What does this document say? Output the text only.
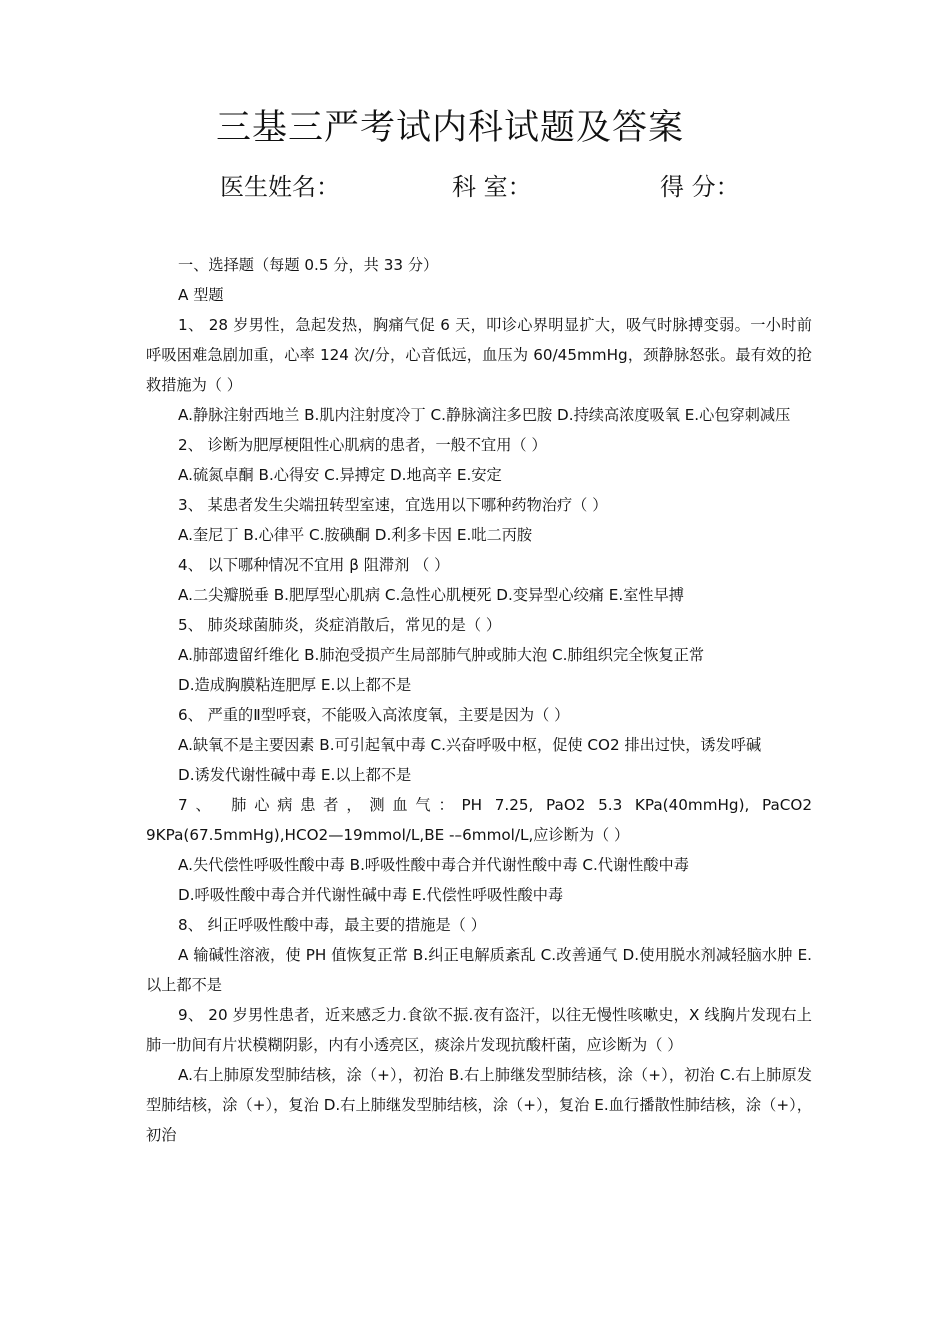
三基三严考试内科试题及答案
医生姓名：	科 室：	得 分：

一、选择题（每题 0.5 分，共 33 分）

A 型题

1、 28 岁男性，急起发热，胸痛气促 6 天，叩诊心界明显扩大，吸气时脉搏变弱。一小时前呼吸困难急剧加重，心率 124 次/分，心音低远，血压为 60/45mmHg，颈静脉怒张。最有效的抢救措施为（ ）

A.静脉注射西地兰 B.肌内注射度冷丁 C.静脉滴注多巴胺 D.持续高浓度吸氧 E.心包穿刺减压

2、 诊断为肥厚梗阻性心肌病的患者，一般不宜用（ ）

A.硫氮卓酮 B.心得安 C.异搏定 D.地高辛 E.安定

3、 某患者发生尖端扭转型室速，宜选用以下哪种药物治疗（ ）

A.奎尼丁 B.心律平 C.胺碘酮 D.利多卡因 E.吡二丙胺

4、 以下哪种情况不宜用 β 阻滞剂 （ ）

A.二尖瓣脱垂 B.肥厚型心肌病 C.急性心肌梗死 D.变异型心绞痛 E.室性早搏

5、 肺炎球菌肺炎，炎症消散后，常见的是（ ）

A.肺部遗留纤维化 B.肺泡受损产生局部肺气肿或肺大泡 C.肺组织完全恢复正常

D.造成胸膜粘连肥厚 E.以上都不是

6、 严重的Ⅱ型呼衰，不能吸入高浓度氧，主要是因为（ ）

A.缺氧不是主要因素 B.可引起氧中毒 C.兴奋呼吸中枢，促使 CO2 排出过快，诱发呼碱

D.诱发代谢性碱中毒 E.以上都不是

7、 肺心病患者，测血气：PH 7.25, PaO2 5.3 KPa(40mmHg), PaCO2 9KPa(67.5mmHg),HCO2—19mmol/L,BE -–6mmol/L,应诊断为（ ）

A.失代偿性呼吸性酸中毒 B.呼吸性酸中毒合并代谢性酸中毒 C.代谢性酸中毒

D.呼吸性酸中毒合并代谢性碱中毒 E.代偿性呼吸性酸中毒

8、 纠正呼吸性酸中毒，最主要的措施是（ ）

A 输碱性溶液，使 PH 值恢复正常 B.纠正电解质紊乱 C.改善通气 D.使用脱水剂减轻脑水肿 E.以上都不是

9、 20 岁男性患者，近来感乏力.食欲不振.夜有盗汗，以往无慢性咳嗽史，X 线胸片发现右上肺一肋间有片状模糊阴影，内有小透亮区，痰涂片发现抗酸杆菌，应诊断为（ ）

A.右上肺原发型肺结核，涂（+），初治 B.右上肺继发型肺结核，涂（+），初治 C.右上肺原发型肺结核，涂（+），复治 D.右上肺继发型肺结核，涂（+），复治 E.血行播散性肺结核，涂（+），初治
